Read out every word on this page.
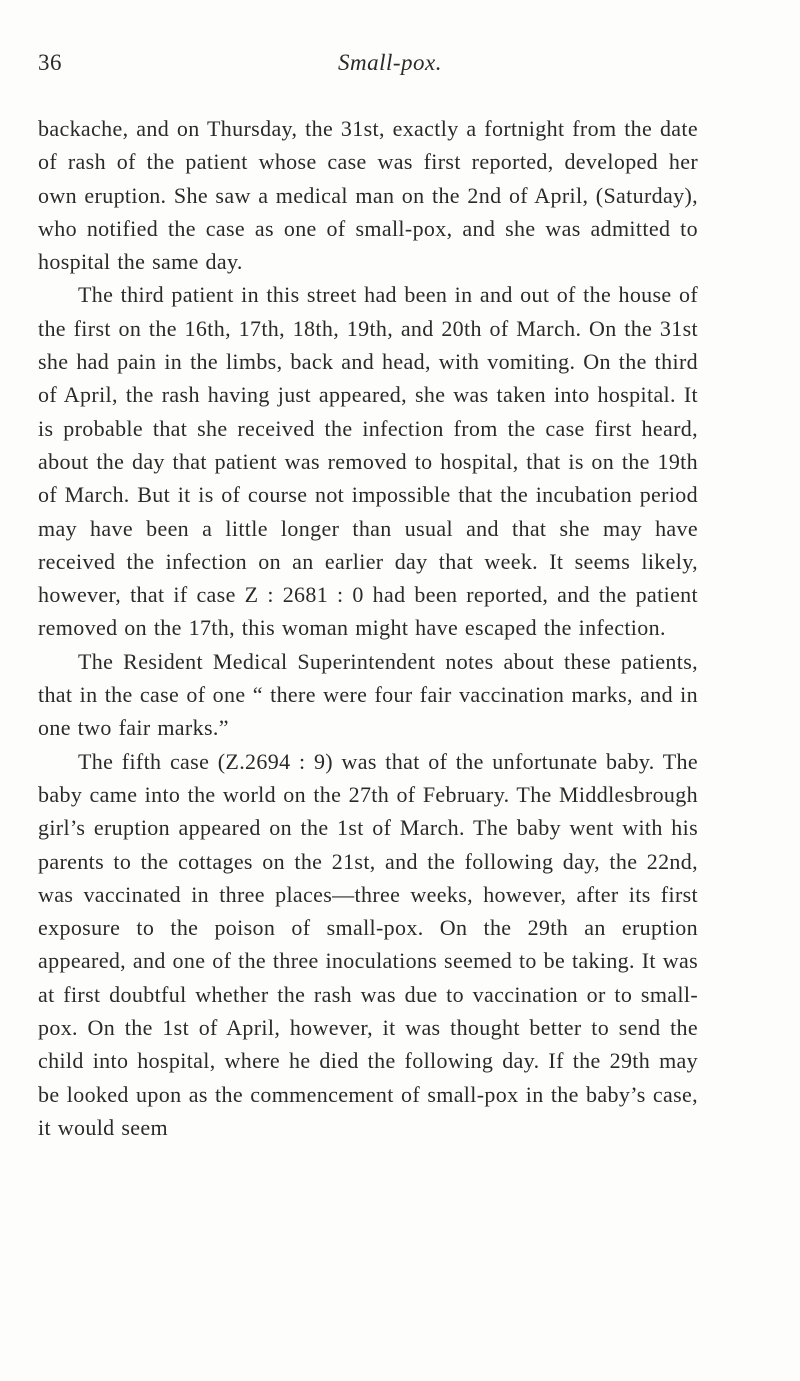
36	Small-pox.

backache, and on Thursday, the 31st, exactly a fortnight from the date of rash of the patient whose case was first reported, developed her own eruption. She saw a medical man on the 2nd of April, (Saturday), who notified the case as one of small-pox, and she was admitted to hospital the same day.

The third patient in this street had been in and out of the house of the first on the 16th, 17th, 18th, 19th, and 20th of March. On the 31st she had pain in the limbs, back and head, with vomiting. On the third of April, the rash having just appeared, she was taken into hospital. It is probable that she received the infection from the case first heard, about the day that patient was removed to hospital, that is on the 19th of March. But it is of course not impossible that the incubation period may have been a little longer than usual and that she may have received the infection on an earlier day that week. It seems likely, however, that if case Z : 2681 : 0 had been reported, and the patient removed on the 17th, this woman might have escaped the infection.

The Resident Medical Superintendent notes about these patients, that in the case of one “ there were four fair vaccination marks, and in one two fair marks.”

The fifth case (Z.2694 : 9) was that of the unfortunate baby. The baby came into the world on the 27th of February. The Middlesbrough girl’s eruption appeared on the 1st of March. The baby went with his parents to the cottages on the 21st, and the following day, the 22nd, was vaccinated in three places—three weeks, however, after its first exposure to the poison of small-pox. On the 29th an eruption appeared, and one of the three inoculations seemed to be taking. It was at first doubtful whether the rash was due to vaccination or to small-pox. On the 1st of April, however, it was thought better to send the child into hospital, where he died the following day. If the 29th may be looked upon as the commencement of small-pox in the baby’s case, it would seem
